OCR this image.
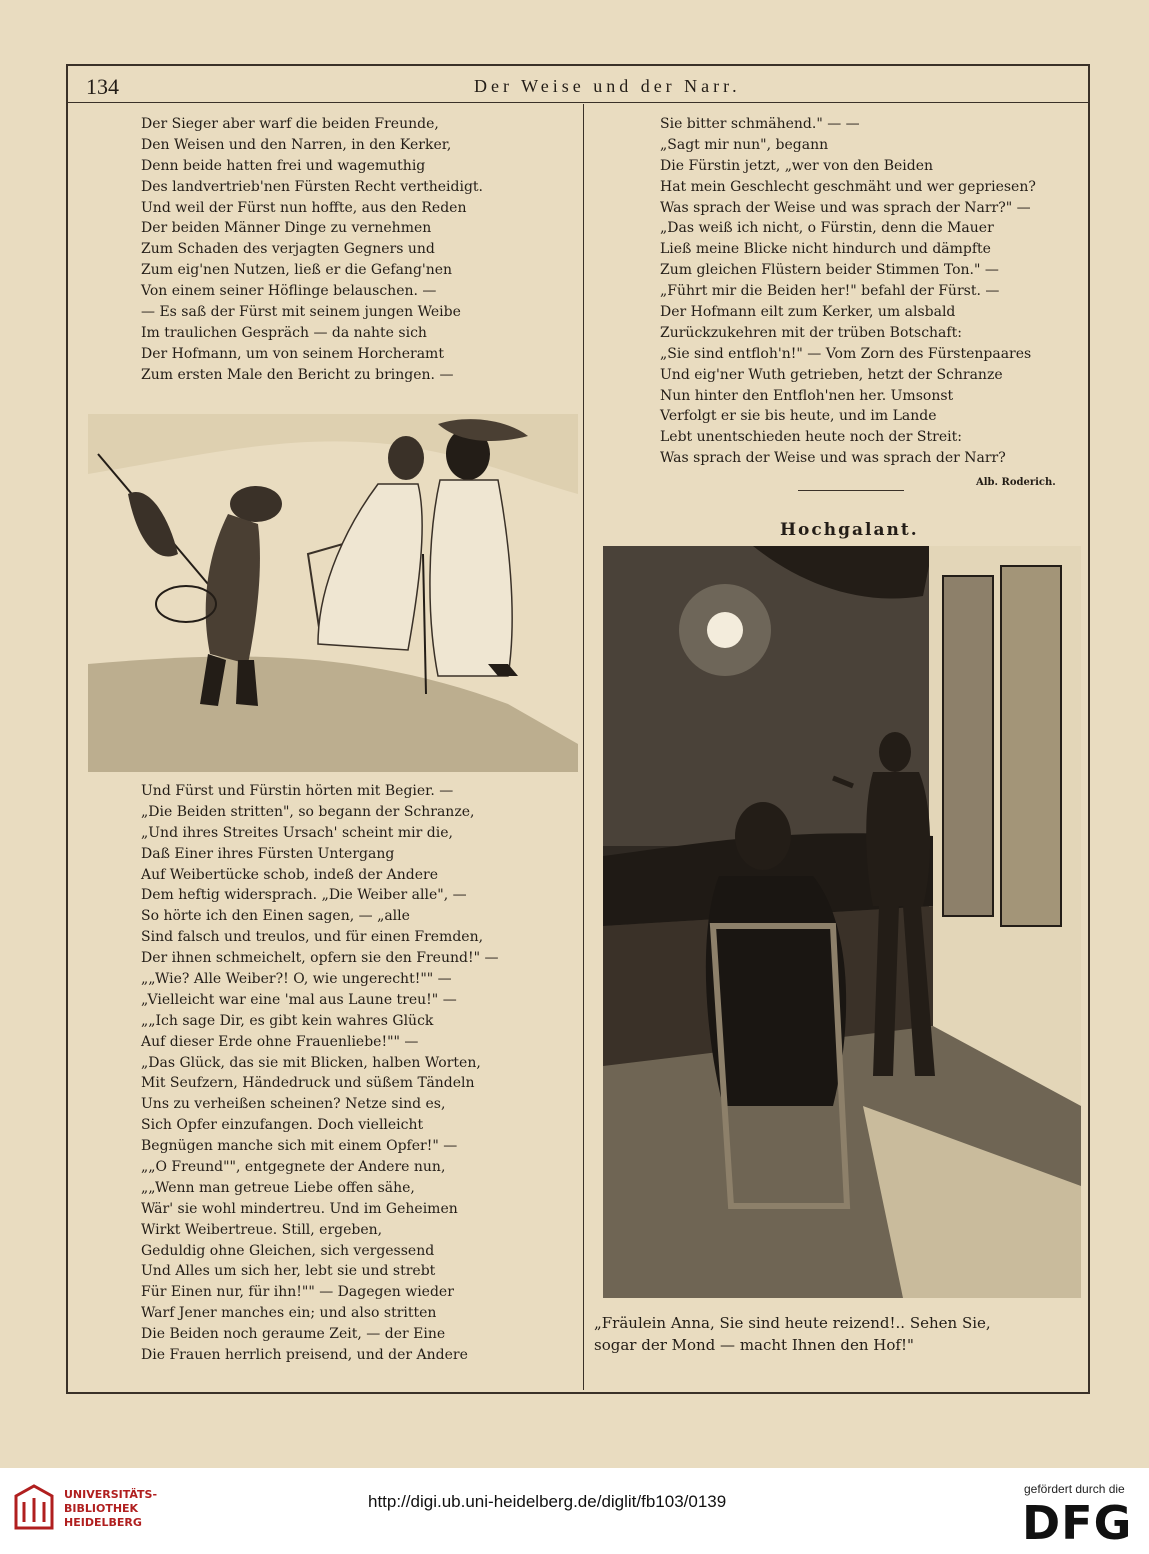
134	Der Weise und der Narr.
Der Sieger aber warf die beiden Freunde,
Den Weisen und den Narren, in den Kerker,
Denn beide hatten frei und wagemuthig
Des landvertrieb'nen Fürsten Recht vertheidigt.
Und weil der Fürst nun hoffte, aus den Reden
Der beiden Männer Dinge zu vernehmen
Zum Schaden des verjagten Gegners und
Zum eig'nen Nutzen, ließ er die Gefang'nen
Von einem seiner Höflinge belauschen. —
— Es saß der Fürst mit seinem jungen Weibe
Im traulichen Gespräch — da nahte sich
Der Hofmann, um von seinem Horcheramt
Zum ersten Male den Bericht zu bringen. —
Und Fürst und Fürstin hörten mit Begier. —
„Die Beiden stritten", so begann der Schranze,
„Und ihres Streites Ursach' scheint mir die,
Daß Einer ihres Fürsten Untergang
Auf Weibertücke schob, indeß der Andere
Dem heftig widersprach. „Die Weiber alle", —
So hörte ich den Einen sagen, — „alle
Sind falsch und treulos, und für einen Fremden,
Der ihnen schmeichelt, opfern sie den Freund!" —
„„Wie? Alle Weiber?! O, wie ungerecht!"" —
„Vielleicht war eine 'mal aus Laune treu!" —
„„Ich sage Dir, es gibt kein wahres Glück
Auf dieser Erde ohne Frauenliebe!"" —
„Das Glück, das sie mit Blicken, halben Worten,
Mit Seufzern, Händedruck und süßem Tändeln
Uns zu verheißen scheinen? Netze sind es,
Sich Opfer einzufangen. Doch vielleicht
Begnügen manche sich mit einem Opfer!" —
„„O Freund"", entgegnete der Andere nun,
„„Wenn man getreue Liebe offen sähe,
Wär' sie wohl mindertreu. Und im Geheimen
Wirkt Weibertreue. Still, ergeben,
Geduldig ohne Gleichen, sich vergessend
Und Alles um sich her, lebt sie und strebt
Für Einen nur, für ihn!"" — Dagegen wieder
Warf Jener manches ein; und also stritten
Die Beiden noch geraume Zeit, — der Eine
Die Frauen herrlich preisend, und der Andere
Sie bitter schmähend." — —
„Sagt mir nun", begann
Die Fürstin jetzt, „wer von den Beiden
Hat mein Geschlecht geschmäht und wer gepriesen?
Was sprach der Weise und was sprach der Narr?" —
„Das weiß ich nicht, o Fürstin, denn die Mauer
Ließ meine Blicke nicht hindurch und dämpfte
Zum gleichen Flüstern beider Stimmen Ton." —
„Führt mir die Beiden her!" befahl der Fürst. —
Der Hofmann eilt zum Kerker, um alsbald
Zurückzukehren mit der trüben Botschaft:
„Sie sind entfloh'n!" — Vom Zorn des Fürstenpaares
Und eig'ner Wuth getrieben, hetzt der Schranze
Nun hinter den Entfloh'nen her. Umsonst
Verfolgt er sie bis heute, und im Lande
Lebt unentschieden heute noch der Streit:
Was sprach der Weise und was sprach der Narr?
Alb. Roderich.
Hochgalant.
„Fräulein Anna, Sie sind heute reizend!.. Sehen Sie,
sogar der Mond — macht Ihnen den Hof!"
UNIVERSITÄTS-
BIBLIOTHEK
HEIDELBERG
http://digi.ub.uni-heidelberg.de/diglit/fb103/0139
gefördert durch die
DFG
